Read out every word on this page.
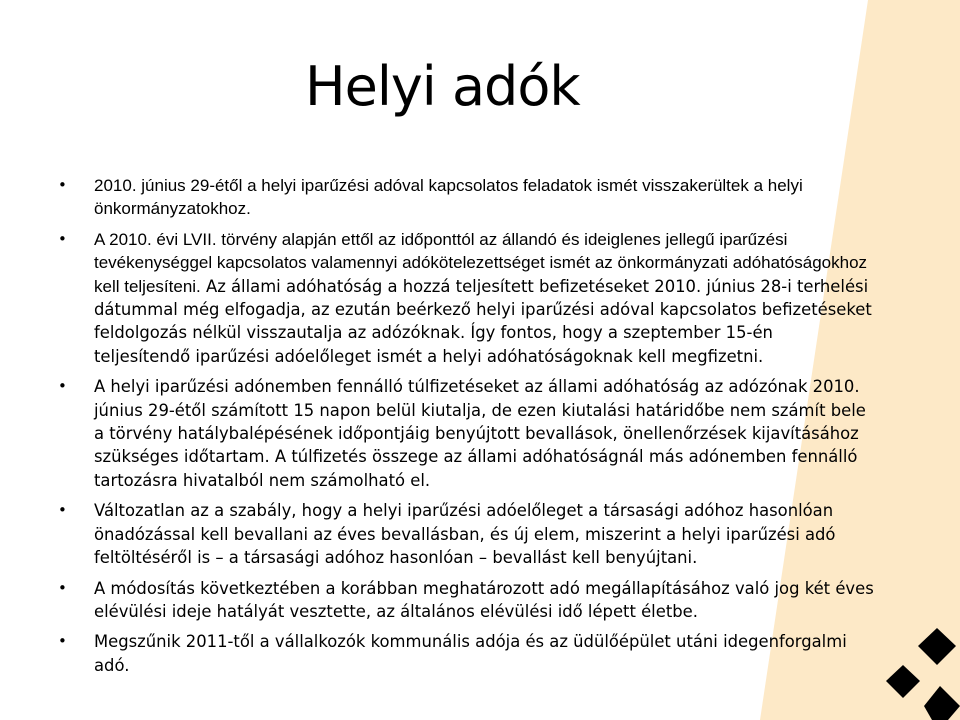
Helyi adók
• 2010. június 29-étől a helyi iparűzési adóval kapcsolatos feladatok ismét visszakerültek a helyi önkormányzatokhoz.
• A 2010. évi LVII. törvény alapján ettől az időponttól az állandó és ideiglenes jellegű iparűzési tevékenységgel kapcsolatos valamennyi adókötelezettséget ismét az önkormányzati adóhatóságokhoz kell teljesíteni. Az állami adóhatóság a hozzá teljesített befizetéseket 2010. június 28-i terhelési dátummal még elfogadja, az ezután beérkező helyi iparűzési adóval kapcsolatos befizetéseket feldolgozás nélkül visszautalja az adózóknak. Így fontos, hogy a szeptember 15-én teljesítendő iparűzési adóelőleget ismét a helyi adóhatóságoknak kell megfizetni.
• A helyi iparűzési adónemben fennálló túlfizetéseket az állami adóhatóság az adózónak 2010. június 29-étől számított 15 napon belül kiutalja, de ezen kiutalási határidőbe nem számít bele a törvény hatálybalépésének időpontjáig benyújtott bevallások, önellenőrzések kijavításához szükséges időtartam. A túlfizetés összege az állami adóhatóságnál más adónemben fennálló tartozásra hivatalból nem számolható el.
• Változatlan az a szabály, hogy a helyi iparűzési adóelőleget a társasági adóhoz hasonlóan önadózással kell bevallani az éves bevallásban, és új elem, miszerint a helyi iparűzési adó feltöltéséről is – a társasági adóhoz hasonlóan – bevallást kell benyújtani.
• A módosítás következtében a korábban meghatározott adó megállapításához való jog két éves elévülési ideje hatályát vesztette, az általános elévülési idő lépett életbe.
• Megszűnik 2011-től a vállalkozók kommunális adója és az üdülőépület utáni idegenforgalmi adó.
